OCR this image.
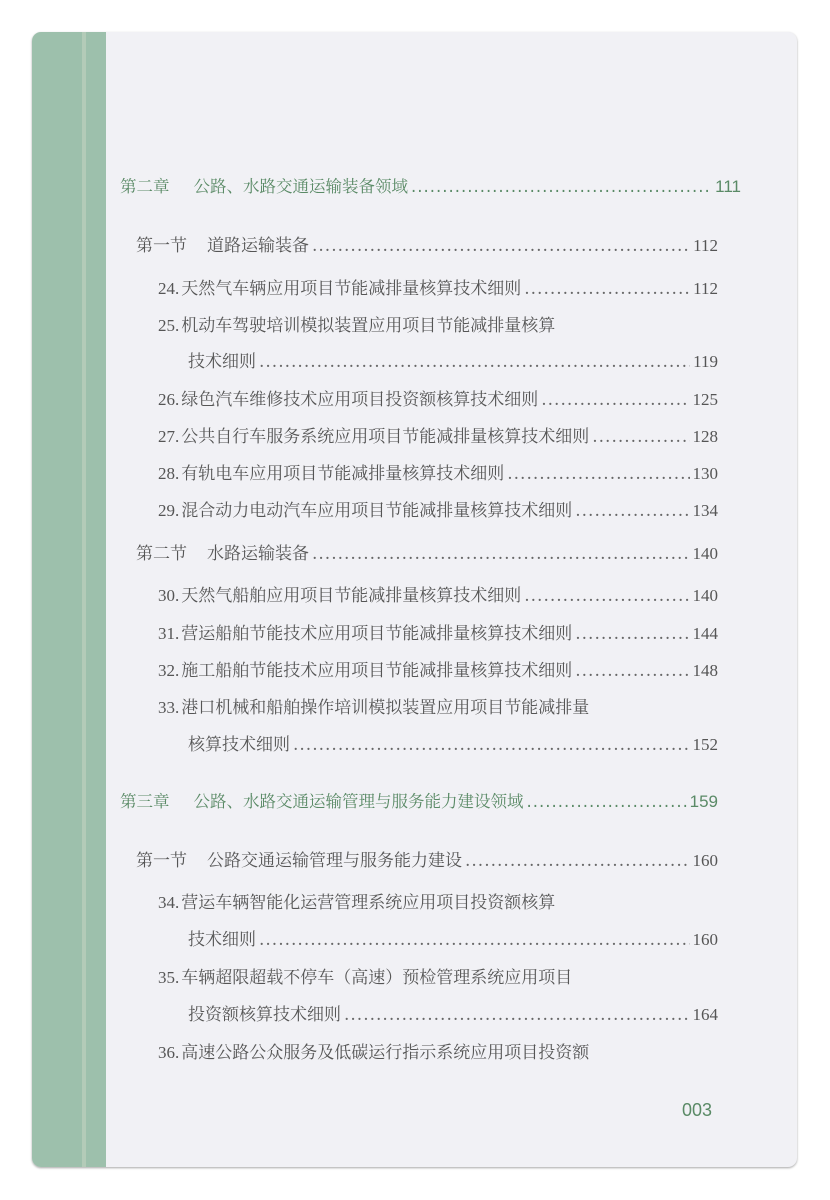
第二章 公路、水路交通运输装备领域 .....	111
第一节 道路运输装备 .....	112
24. 天然气车辆应用项目节能减排量核算技术细则 .....	112
25. 机动车驾驶培训模拟装置应用项目节能减排量核算
技术细则 .....	119
26. 绿色汽车维修技术应用项目投资额核算技术细则 .....	125
27. 公共自行车服务系统应用项目节能减排量核算技术细则 .....	128
28. 有轨电车应用项目节能减排量核算技术细则 .....	130
29. 混合动力电动汽车应用项目节能减排量核算技术细则 .....	134
第二节 水路运输装备 .....	140
30. 天然气船舶应用项目节能减排量核算技术细则 .....	140
31. 营运船舶节能技术应用项目节能减排量核算技术细则 .....	144
32. 施工船舶节能技术应用项目节能减排量核算技术细则 .....	148
33. 港口机械和船舶操作培训模拟装置应用项目节能减排量
核算技术细则 .....	152
第三章 公路、水路交通运输管理与服务能力建设领域 .....	159
第一节 公路交通运输管理与服务能力建设 .....	160
34. 营运车辆智能化运营管理系统应用项目投资额核算
技术细则 .....	160
35. 车辆超限超载不停车（高速）预检管理系统应用项目
投资额核算技术细则 .....	164
36. 高速公路公众服务及低碳运行指示系统应用项目投资额
003
